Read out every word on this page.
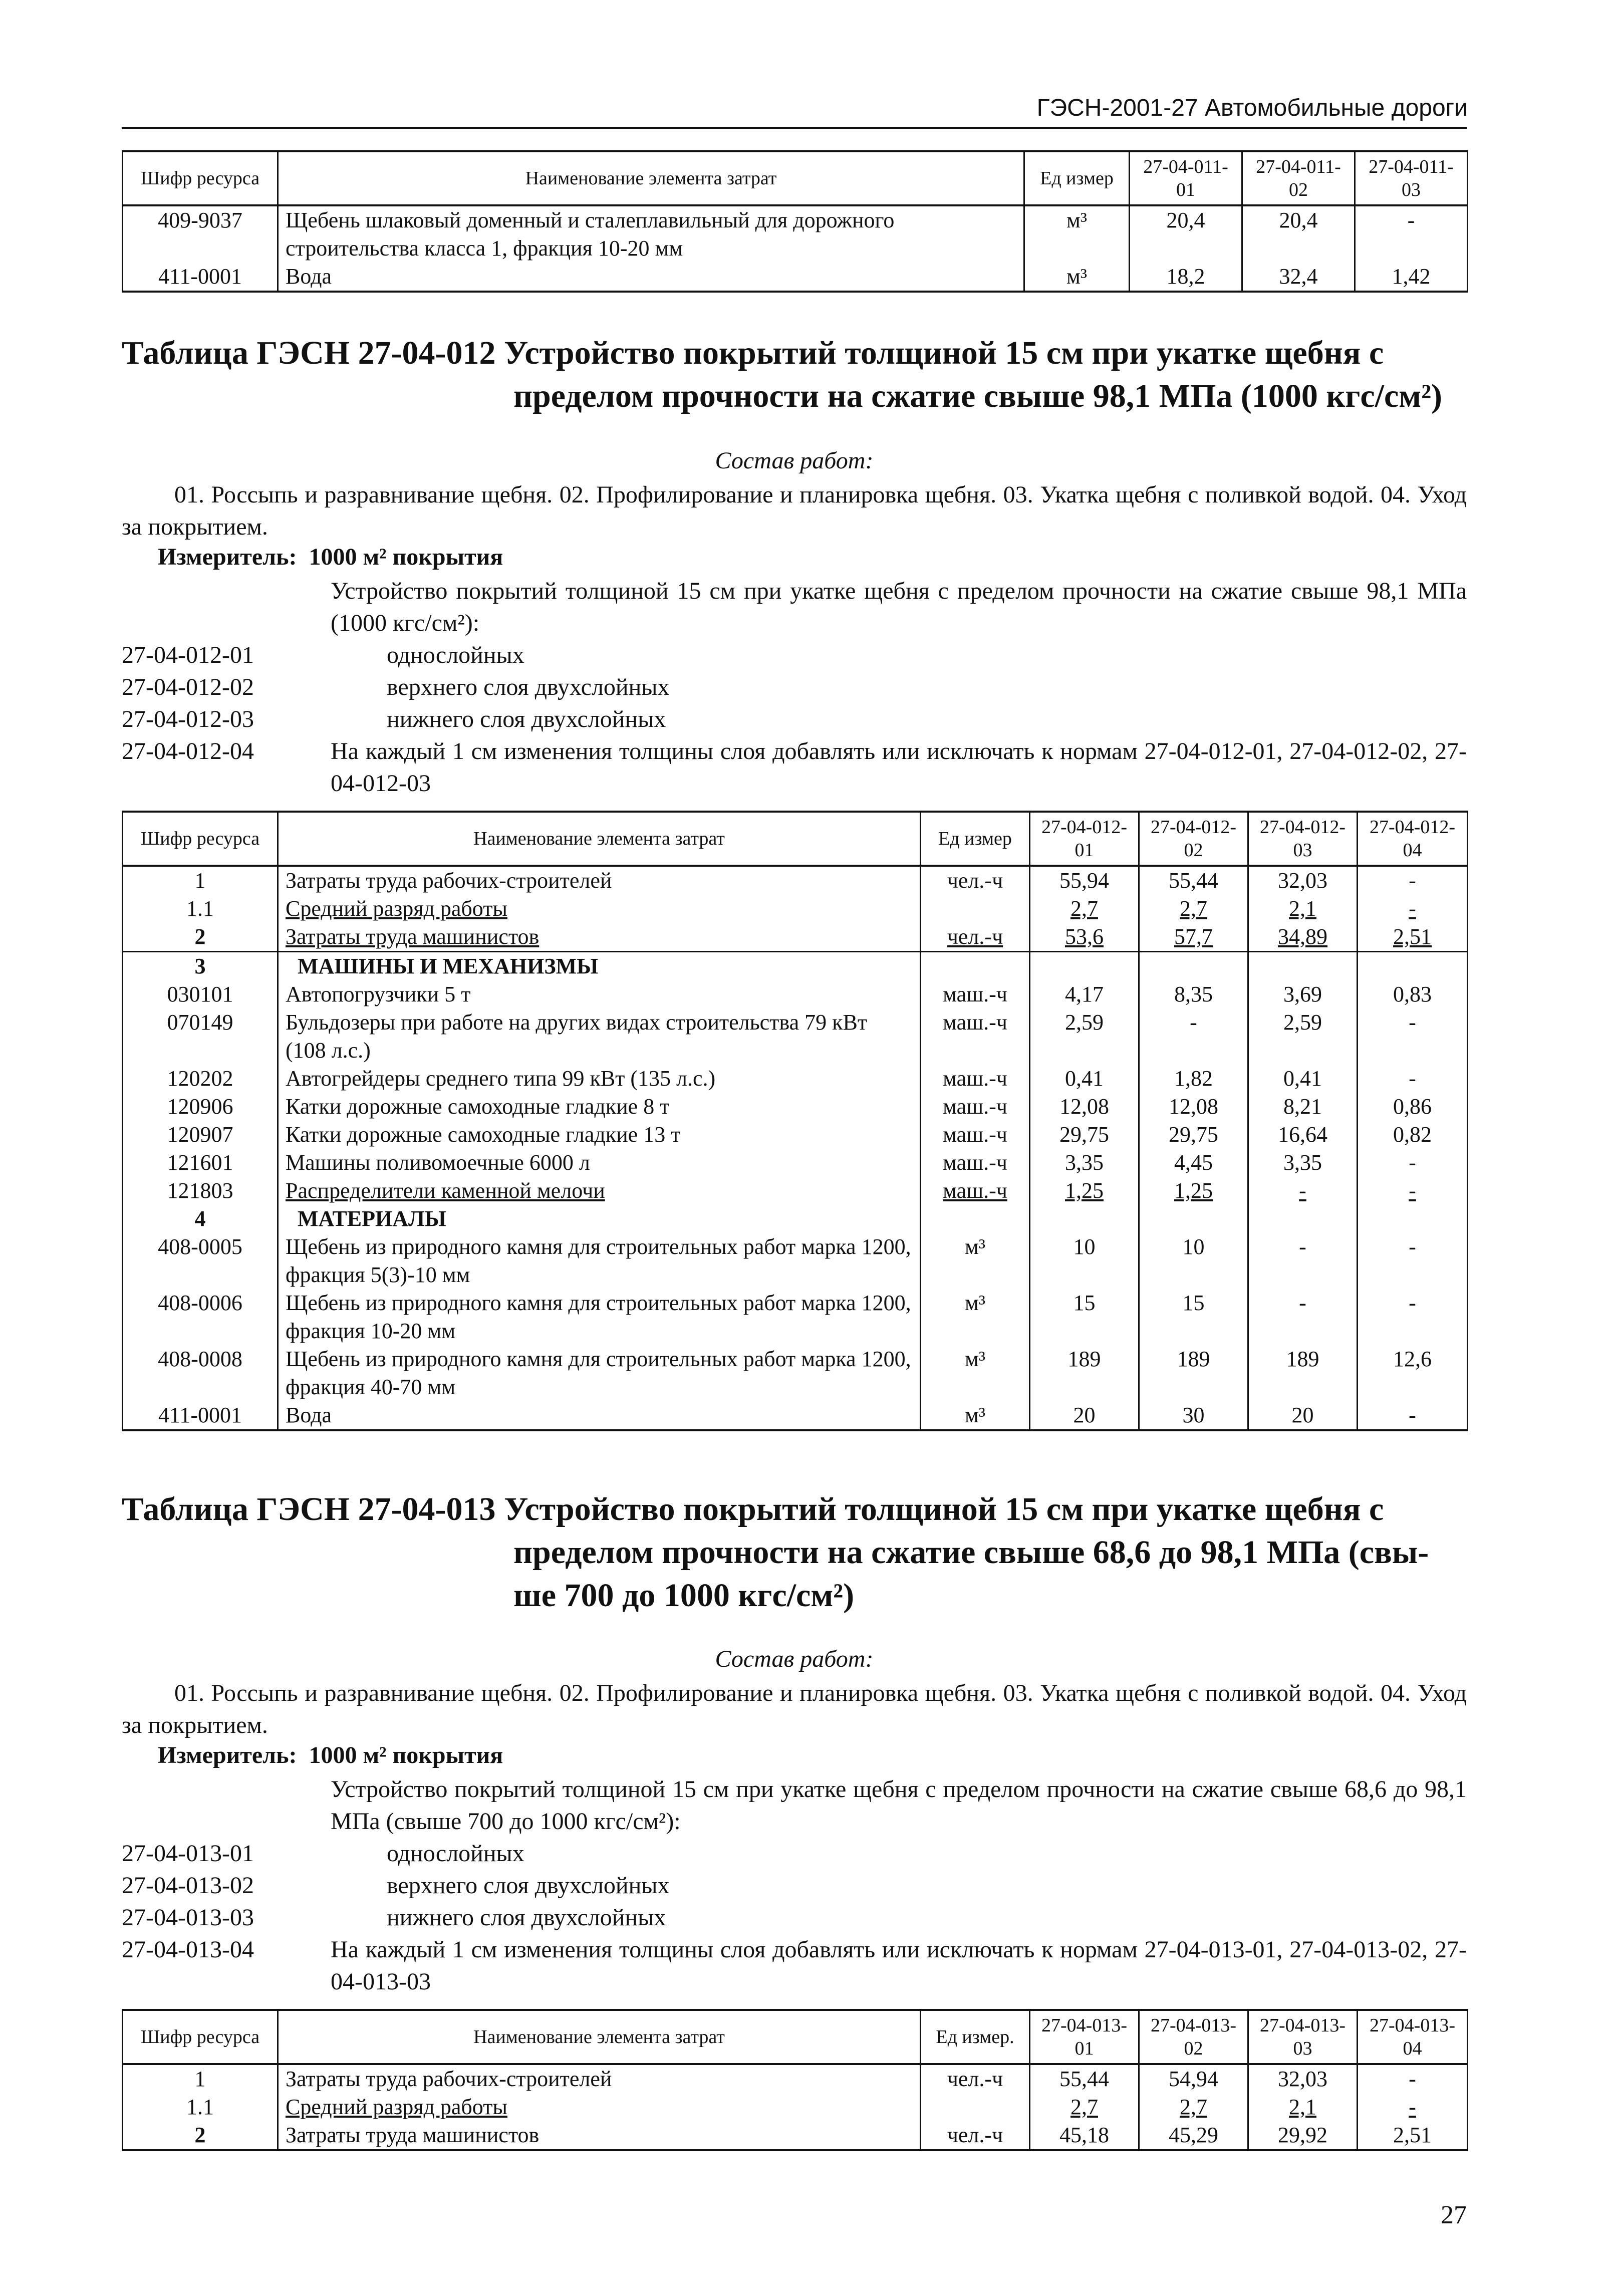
ГЭСН-2001-27 Автомобильные дороги
Шифр ресурса	Наименование элемента затрат	Ед измер	27-04-011-01	27-04-011-02	27-04-011-03
409-9037	Щебень шлаковый доменный и сталеплавильный для дорожного строительства класса 1, фракция 10-20 мм	м³	20,4	20,4	-
411-0001	Вода	м³	18,2	32,4	1,42
Таблица ГЭСН 27-04-012 Устройство покрытий толщиной 15 см при укатке щебня с
пределом прочности на сжатие свыше 98,1 МПа (1000 кгс/см²)
Состав работ:
01. Россыпь и разравнивание щебня. 02. Профилирование и планировка щебня. 03. Укатка щебня с поливкой водой. 04. Уход за покрытием.
Измеритель: 1000 м² покрытия
Устройство покрытий толщиной 15 см при укатке щебня с пределом прочности на сжатие свыше 98,1 МПа (1000 кгс/см²):
27-04-012-01	однослойных
27-04-012-02	верхнего слоя двухслойных
27-04-012-03	нижнего слоя двухслойных
27-04-012-04	На каждый 1 см изменения толщины слоя добавлять или исключать к нормам 27-04-012-01, 27-04-012-02, 27-04-012-03
Шифр ресурса	Наименование элемента затрат	Ед измер	27-04-012-01	27-04-012-02	27-04-012-03	27-04-012-04
1	Затраты труда рабочих-строителей	чел.-ч	55,94	55,44	32,03	-
1.1	Средний разряд работы		2,7	2,7	2,1	-
2	Затраты труда машинистов	чел.-ч	53,6	57,7	34,89	2,51
3	МАШИНЫ И МЕХАНИЗМЫ					
030101	Автопогрузчики 5 т	маш.-ч	4,17	8,35	3,69	0,83
070149	Бульдозеры при работе на других видах строительства 79 кВт (108 л.с.)	маш.-ч	2,59	-	2,59	-
120202	Автогрейдеры среднего типа 99 кВт (135 л.с.)	маш.-ч	0,41	1,82	0,41	-
120906	Катки дорожные самоходные гладкие 8 т	маш.-ч	12,08	12,08	8,21	0,86
120907	Катки дорожные самоходные гладкие 13 т	маш.-ч	29,75	29,75	16,64	0,82
121601	Машины поливомоечные 6000 л	маш.-ч	3,35	4,45	3,35	-
121803	Распределители каменной мелочи	маш.-ч	1,25	1,25	-	-
4	МАТЕРИАЛЫ					
408-0005	Щебень из природного камня для строительных работ марка 1200, фракция 5(3)-10 мм	м³	10	10	-	-
408-0006	Щебень из природного камня для строительных работ марка 1200, фракция 10-20 мм	м³	15	15	-	-
408-0008	Щебень из природного камня для строительных работ марка 1200, фракция 40-70 мм	м³	189	189	189	12,6
411-0001	Вода	м³	20	30	20	-
Таблица ГЭСН 27-04-013 Устройство покрытий толщиной 15 см при укатке щебня с
пределом прочности на сжатие свыше 68,6 до 98,1 МПа (свы-
ше 700 до 1000 кгс/см²)
Состав работ:
01. Россыпь и разравнивание щебня. 02. Профилирование и планировка щебня. 03. Укатка щебня с поливкой водой. 04. Уход за покрытием.
Измеритель: 1000 м² покрытия
Устройство покрытий толщиной 15 см при укатке щебня с пределом прочности на сжатие свыше 68,6 до 98,1 МПа (свыше 700 до 1000 кгс/см²):
27-04-013-01	однослойных
27-04-013-02	верхнего слоя двухслойных
27-04-013-03	нижнего слоя двухслойных
27-04-013-04	На каждый 1 см изменения толщины слоя добавлять или исключать к нормам 27-04-013-01, 27-04-013-02, 27-04-013-03
Шифр ресурса	Наименование элемента затрат	Ед измер.	27-04-013-01	27-04-013-02	27-04-013-03	27-04-013-04
1	Затраты труда рабочих-строителей	чел.-ч	55,44	54,94	32,03	-
1.1	Средний разряд работы		2,7	2,7	2,1	-
2	Затраты труда машинистов	чел.-ч	45,18	45,29	29,92	2,51
27
